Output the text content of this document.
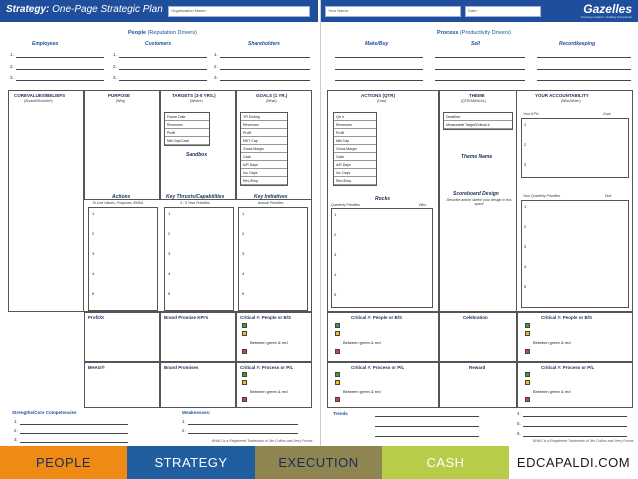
Strategy: One-Page Strategic Plan	Organization Name:
People (Reputation Drivers)
Employees	Customers	Shareholders
1.	1.	1.
2.	2.	2.
3.	3.	3.
COREVALUES/BELIEFS
(Should/Shouldn't)
PURPOSE
(Why)
TARGETS (3-5 YRS.)
(Where)
GOALS (1 YR.)
(What)
Future Date
Revenues
Profit
Mkt Cap/Cash
Sandbox
YR Ending
Revenues
Profit
MKT Cap
Gross Margin
Cash
A/R Days
Inv. Days
Rev./Emp.
Actions
To Live Values, Purposes, BHAG
Key Thrusts/Capabilities
3 - 5 Year Priorities
Key Initiatives
Annual Priorities
1
2
3
4
5
1
2
3
4
5
1
2
3
4
5
Profit/X	Brand Promise KPI's	Critical #: People or B/S
Between green & red
BHAG®	Brand Promises	Critical #: Process or P/L
Between green & red
Strengths/Core Competencies	Weaknesses:
1.
2.
3.
1.
2.
BHAG is a Registered Trademark of Jim Collins and Jerry Porras
Your Name:	Date:	Gazelles
Growing Leaders • Scaling Companies
Process (Productivity Drivers)
Make/Buy	Sell	Recordkeeping
ACTIONS (QTR)
(How)
THEME
(QTR/ANNUAL)
YOUR ACCOUNTABILITY
(Who/When)
Qtr #
Revenues
Profit
Mkt Cap
Gross Margin
Cash
A/R Days
Inv. Days
Rev./Emp.
Deadline:
Measurable Target/Critical #
Theme Name
Scoreboard Design
Describe and/or sketch your design in this space
Rocks
Quarterly Priorities	Who
1
2
3
4
5
Your KPIs	Goal
1
2
3
Your Quarterly Priorities	Due
1
2
3
4
5
Critical #: People or B/S	Celebration	Critical #: People or B/S
Between green & red	Between green & red
Critical #: Process or P/L	Reward	Critical #: Process or P/L
Between green & red	Between green & red
Trends	4.
5.
6.
BHAG is a Registered Trademark of Jim Collins and Jerry Porras
PEOPLE	STRATEGY	EXECUTION	CASH	EDCAPALDI.COM
